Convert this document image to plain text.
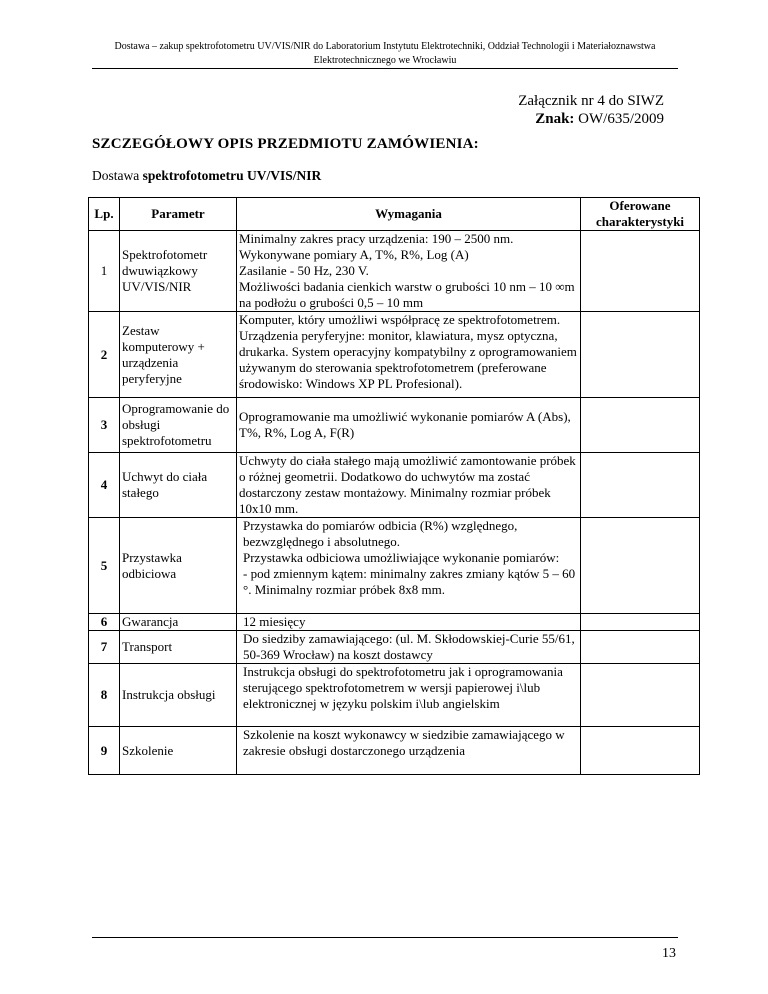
Dostawa – zakup spektrofotometru UV/VIS/NIR do Laboratorium Instytutu Elektrotechniki, Oddział Technologii i Materiałoznawstwa
Elektrotechnicznego we Wrocławiu
Załącznik nr 4 do SIWZ
Znak: OW/635/2009
SZCZEGÓŁOWY OPIS PRZEDMIOTU ZAMÓWIENIA:
Dostawa spektrofotometru UV/VIS/NIR
Lp.	Parametr	Wymagania	Oferowane charakterystyki
1	Spektrofotometr dwuwiązkowy UV/VIS/NIR	Minimalny zakres pracy urządzenia: 190 – 2500 nm.
Wykonywane pomiary A, T%, R%, Log (A)
Zasilanie - 50 Hz, 230 V.
Możliwości badania cienkich warstw o grubości 10 nm – 10 ∞m na podłożu o grubości 0,5 – 10 mm	
2	Zestaw komputerowy + urządzenia peryferyjne	Komputer, który umożliwi współpracę ze spektrofotometrem. Urządzenia peryferyjne: monitor, klawiatura, mysz optyczna, drukarka. System operacyjny kompatybilny z oprogramowaniem używanym do sterowania spektrofotometrem (preferowane środowisko: Windows XP PL Profesional).	
3	Oprogramowanie do obsługi spektrofotometru	Oprogramowanie ma umożliwić wykonanie pomiarów A (Abs), T%, R%, Log A, F(R)	
4	Uchwyt do ciała stałego	Uchwyty do ciała stałego mają umożliwić zamontowanie próbek o różnej geometrii. Dodatkowo do uchwytów ma zostać dostarczony zestaw montażowy. Minimalny rozmiar próbek 10x10 mm.	
5	Przystawka odbiciowa	Przystawka do pomiarów odbicia (R%) względnego, bezwzględnego i absolutnego.
Przystawka odbiciowa umożliwiające wykonanie pomiarów:
- pod zmiennym kątem: minimalny zakres zmiany kątów 5 – 60 °. Minimalny rozmiar próbek 8x8 mm.	
6	Gwarancja	12 miesięcy	
7	Transport	Do siedziby zamawiającego: (ul. M. Skłodowskiej-Curie 55/61, 50-369 Wrocław) na koszt dostawcy	
8	Instrukcja obsługi	Instrukcja obsługi do spektrofotometru jak i oprogramowania sterującego spektrofotometrem w wersji papierowej i\lub elektronicznej w języku polskim i\lub angielskim	
9	Szkolenie	Szkolenie na koszt wykonawcy w siedzibie zamawiającego w zakresie obsługi dostarczonego urządzenia	
13
